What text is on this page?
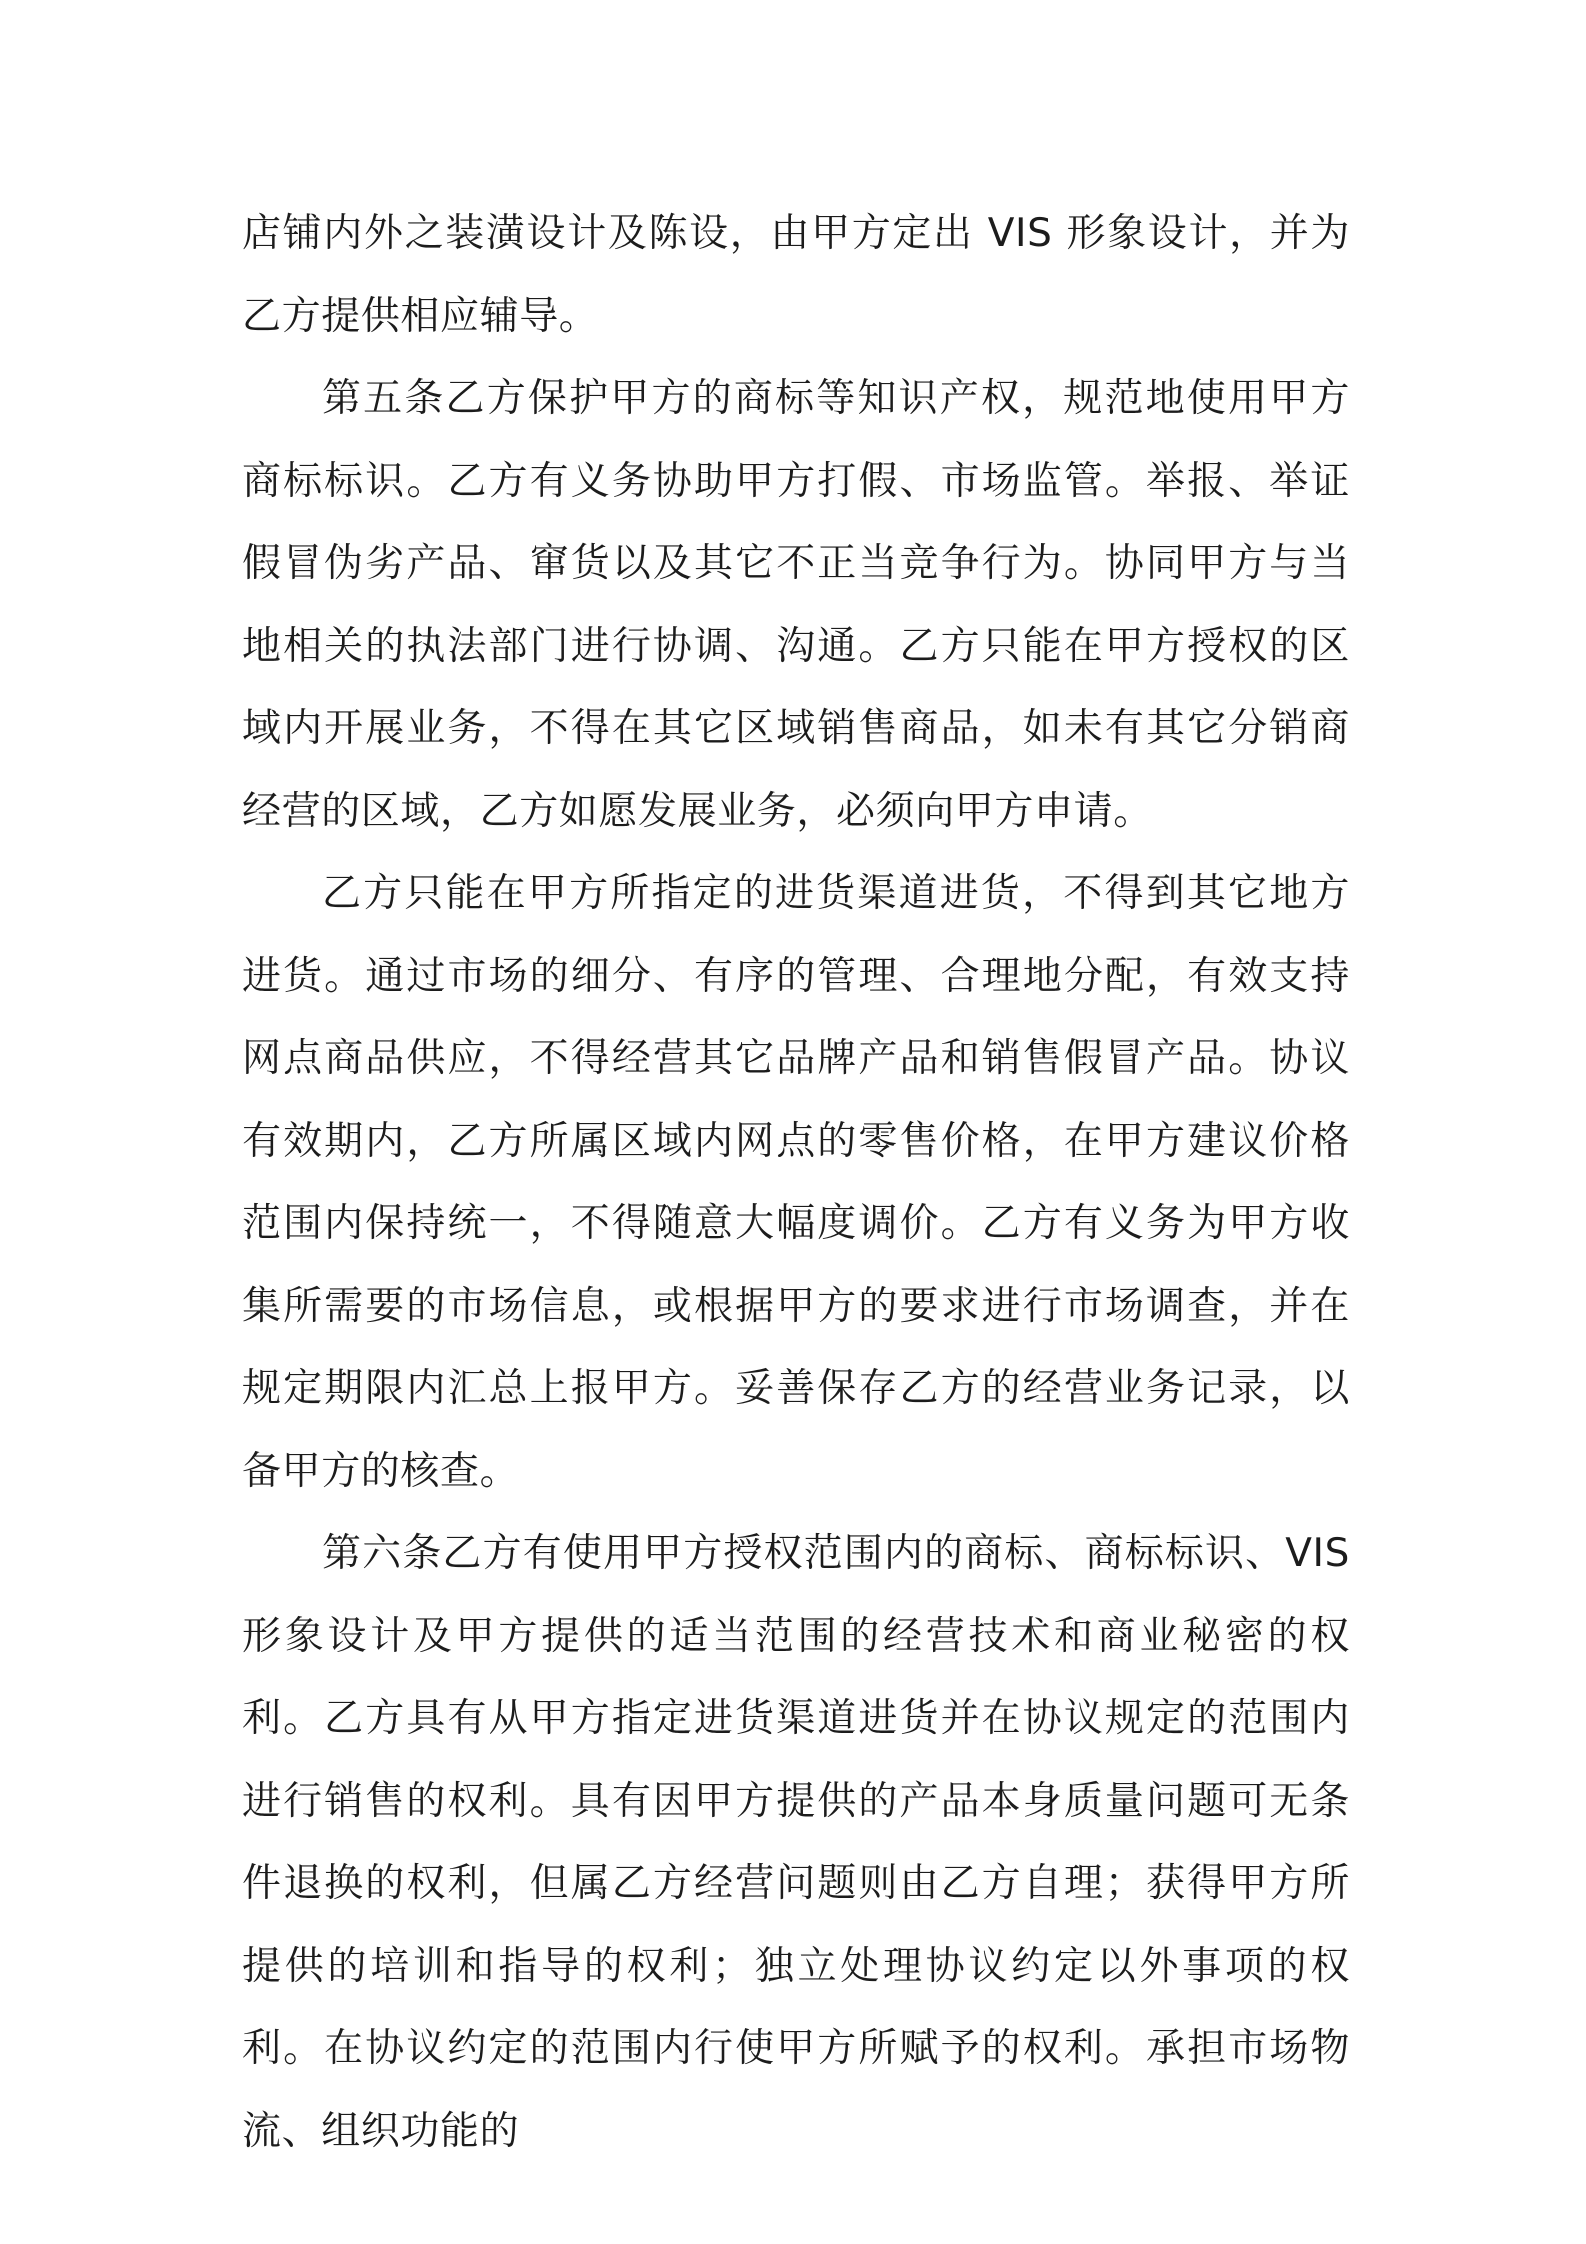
店铺内外之装潢设计及陈设，由甲方定出 VIS 形象设计，并为乙方提供相应辅导。

第五条乙方保护甲方的商标等知识产权，规范地使用甲方商标标识。乙方有义务协助甲方打假、市场监管。举报、举证假冒伪劣产品、窜货以及其它不正当竞争行为。协同甲方与当地相关的执法部门进行协调、沟通。乙方只能在甲方授权的区域内开展业务，不得在其它区域销售商品，如未有其它分销商经营的区域，乙方如愿发展业务，必须向甲方申请。

乙方只能在甲方所指定的进货渠道进货，不得到其它地方进货。通过市场的细分、有序的管理、合理地分配，有效支持网点商品供应，不得经营其它品牌产品和销售假冒产品。协议有效期内，乙方所属区域内网点的零售价格，在甲方建议价格范围内保持统一，不得随意大幅度调价。乙方有义务为甲方收集所需要的市场信息，或根据甲方的要求进行市场调查，并在规定期限内汇总上报甲方。妥善保存乙方的经营业务记录，以备甲方的核查。

第六条乙方有使用甲方授权范围内的商标、商标标识、VIS 形象设计及甲方提供的适当范围的经营技术和商业秘密的权利。乙方具有从甲方指定进货渠道进货并在协议规定的范围内进行销售的权利。具有因甲方提供的产品本身质量问题可无条件退换的权利，但属乙方经营问题则由乙方自理；获得甲方所提供的培训和指导的权利；独立处理协议约定以外事项的权利。在协议约定的范围内行使甲方所赋予的权利。承担市场物流、组织功能的
